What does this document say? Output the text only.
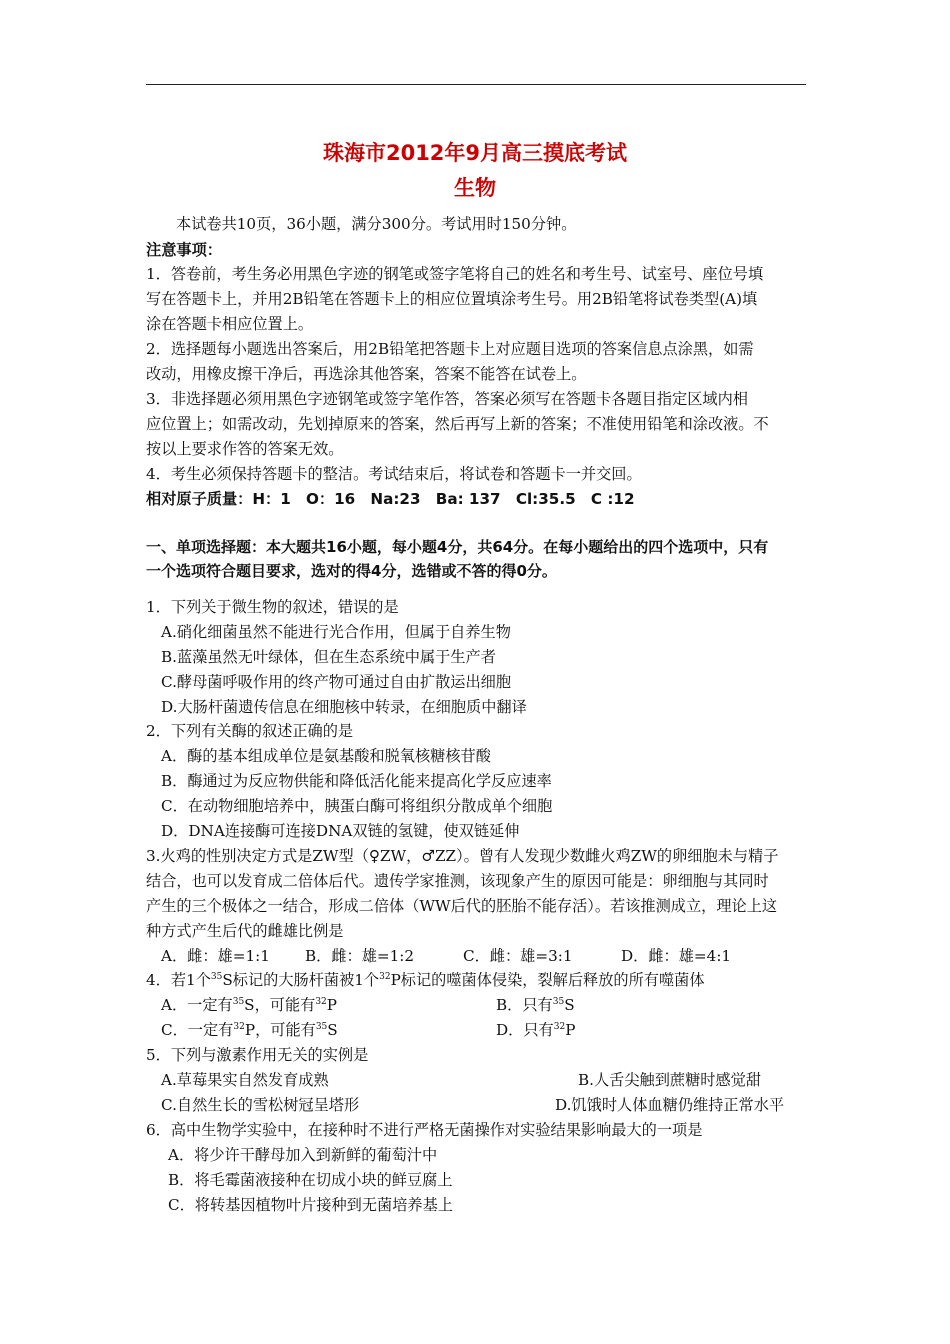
珠海市2012年9月高三摸底考试
生物
本试卷共10页，36小题，满分300分。考试用时150分钟。
注意事项：
1．答卷前，考生务必用黑色字迹的钢笔或签字笔将自己的姓名和考生号、试室号、座位号填
写在答题卡上，并用2B铅笔在答题卡上的相应位置填涂考生号。用2B铅笔将试卷类型(A)填
涂在答题卡相应位置上。
2．选择题每小题选出答案后，用2B铅笔把答题卡上对应题目选项的答案信息点涂黑，如需
改动，用橡皮擦干净后，再选涂其他答案，答案不能答在试卷上。
3．非选择题必须用黑色字迹钢笔或签字笔作答，答案必须写在答题卡各题目指定区域内相
应位置上；如需改动，先划掉原来的答案，然后再写上新的答案；不准使用铅笔和涂改液。不
按以上要求作答的答案无效。
4．考生必须保持答题卡的整洁。考试结束后，将试卷和答题卡一并交回。
相对原子质量：H：1　O：16　Na:23　Ba: 137　Cl:35.5　C :12
一、单项选择题：本大题共16小题，每小题4分，共64分。在每小题给出的四个选项中，只有
一个选项符合题目要求，选对的得4分，选错或不答的得0分。
1．下列关于微生物的叙述，错误的是
A.硝化细菌虽然不能进行光合作用，但属于自养生物
B.蓝藻虽然无叶绿体，但在生态系统中属于生产者
C.酵母菌呼吸作用的终产物可通过自由扩散运出细胞
D.大肠杆菌遗传信息在细胞核中转录，在细胞质中翻译
2．下列有关酶的叙述正确的是
A．酶的基本组成单位是氨基酸和脱氧核糖核苷酸
B．酶通过为反应物供能和降低活化能来提高化学反应速率
C．在动物细胞培养中，胰蛋白酶可将组织分散成单个细胞
D．DNA连接酶可连接DNA双链的氢键，使双链延伸
3.火鸡的性别决定方式是ZW型（♀ZW，♂ZZ）。曾有人发现少数雌火鸡ZW的卵细胞未与精子
结合，也可以发育成二倍体后代。遗传学家推测，该现象产生的原因可能是：卵细胞与其同时
产生的三个极体之一结合，形成二倍体（WW后代的胚胎不能存活）。若该推测成立，理论上这
种方式产生后代的雌雄比例是
A．雌：雄=1:1 B．雌：雄=1:2	C．雌：雄=3:1	D．雌：雄=4:1
4．若1个$^{35}$S标记的大肠杆菌被1个$^{32}$P标记的噬菌体侵染，裂解后释放的所有噬菌体
A．一定有$^{35}$S，可能有$^{32}$P	B．只有$^{35}$S
C．一定有$^{32}$P，可能有$^{35}$S	D．只有$^{32}$P
5．下列与激素作用无关的实例是
A.草莓果实自然发育成熟	B.人舌尖触到蔗糖时感觉甜
C.自然生长的雪松树冠呈塔形	D.饥饿时人体血糖仍维持正常水平
6．高中生物学实验中，在接种时不进行严格无菌操作对实验结果影响最大的一项是
A．将少许干酵母加入到新鲜的葡萄汁中
B．将毛霉菌液接种在切成小块的鲜豆腐上
C．将转基因植物叶片接种到无菌培养基上
